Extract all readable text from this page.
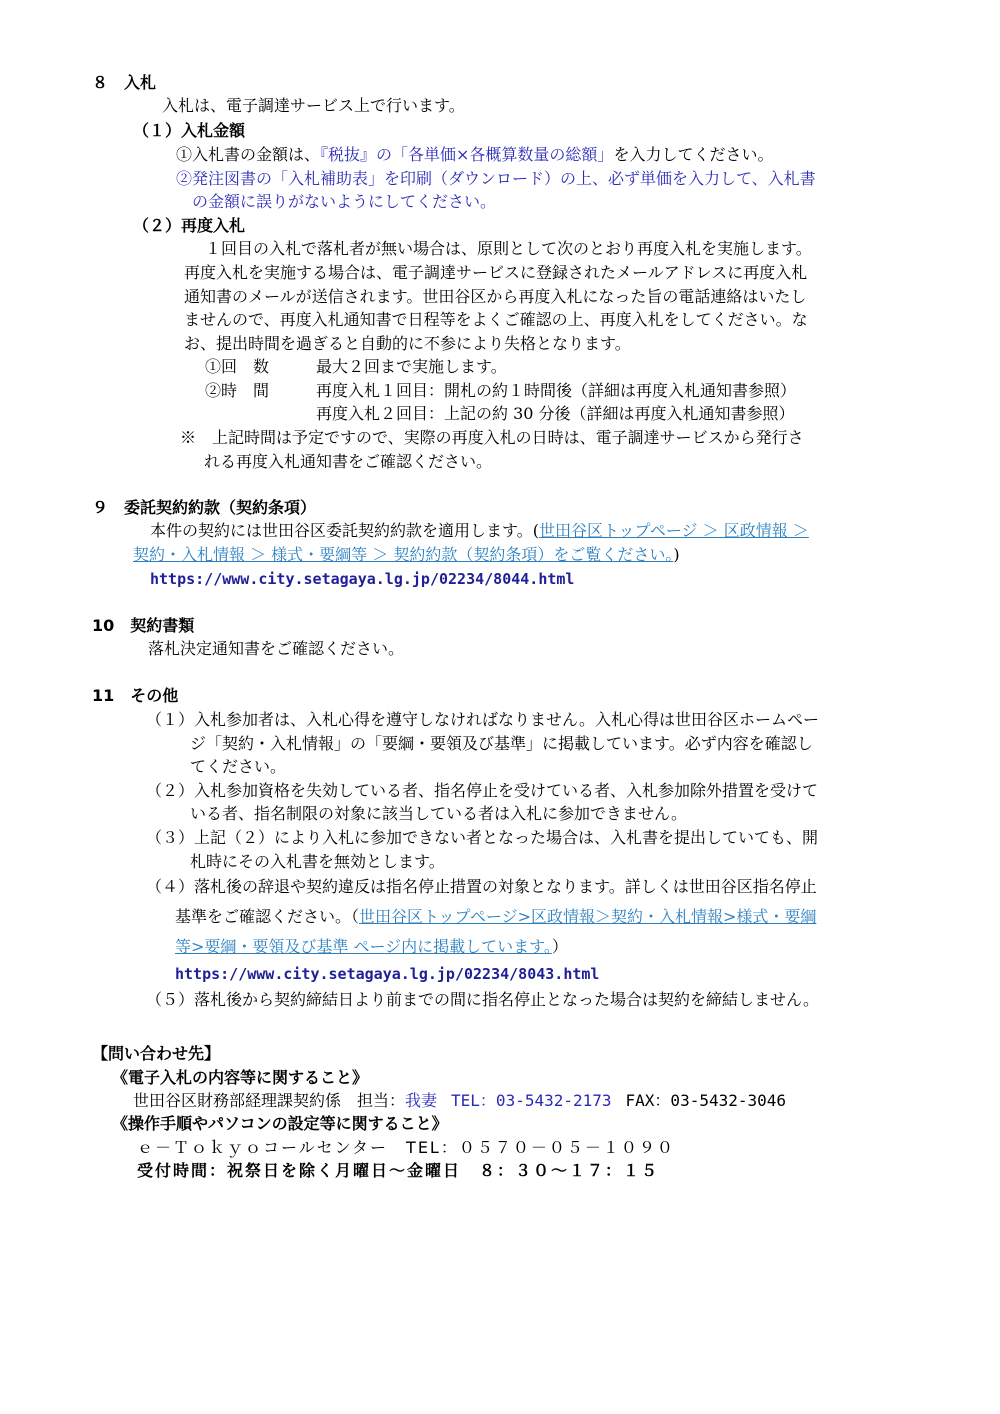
８　入札
入札は、電子調達サービス上で行います。
（１）入札金額
①入札書の金額は、『税抜』の「各単価×各概算数量の総額」を入力してください。
②発注図書の「入札補助表」を印刷（ダウンロード）の上、必ず単価を入力して、入札書
の金額に誤りがないようにしてください。
（２）再度入札
１回目の入札で落札者が無い場合は、原則として次のとおり再度入札を実施します。
再度入札を実施する場合は、電子調達サービスに登録されたメールアドレスに再度入札
通知書のメールが送信されます。世田谷区から再度入札になった旨の電話連絡はいたし
ませんので、再度入札通知書で日程等をよくご確認の上、再度入札をしてください。な
お、提出時間を過ぎると自動的に不参により失格となります。
①回　数	最大２回まで実施します。
②時　間	再度入札１回目：開札の約１時間後（詳細は再度入札通知書参照）
再度入札２回目：上記の約 30 分後（詳細は再度入札通知書参照）
※　上記時間は予定ですので、実際の再度入札の日時は、電子調達サービスから発行さ
れる再度入札通知書をご確認ください。
９　委託契約約款（契約条項）
本件の契約には世田谷区委託契約約款を適用します。(世田谷区トップページ ＞ 区政情報 ＞
契約・入札情報 ＞ 様式・要綱等 ＞ 契約約款（契約条項）をご覧ください。)
https://www.city.setagaya.lg.jp/02234/8044.html
10　契約書類
落札決定通知書をご確認ください。
11　その他
（１）入札参加者は、入札心得を遵守しなければなりません。入札心得は世田谷区ホームペー
ジ「契約・入札情報」の「要綱・要領及び基準」に掲載しています。必ず内容を確認し
てください。
（２）入札参加資格を失効している者、指名停止を受けている者、入札参加除外措置を受けて
いる者、指名制限の対象に該当している者は入札に参加できません。
（３）上記（２）により入札に参加できない者となった場合は、入札書を提出していても、開
札時にその入札書を無効とします。
（４）落札後の辞退や契約違反は指名停止措置の対象となります。詳しくは世田谷区指名停止
基準をご確認ください。（世田谷区トップページ>区政情報＞契約・入札情報>様式・要綱
等>要綱・要領及び基準 ページ内に掲載しています。）
https://www.city.setagaya.lg.jp/02234/8043.html
（５）落札後から契約締結日より前までの間に指名停止となった場合は契約を締結しません。
【問い合わせ先】
《電子入札の内容等に関すること》
世田谷区財務部経理課契約係　担当：我妻 TEL：03-5432-2173 FAX：03-5432-3046
《操作手順やパソコンの設定等に関すること》
ｅ－Ｔｏｋｙｏコールセンター　TEL：０５７０－０５－１０９０
受付時間：祝祭日を除く月曜日～金曜日　８：３０～１７：１５
